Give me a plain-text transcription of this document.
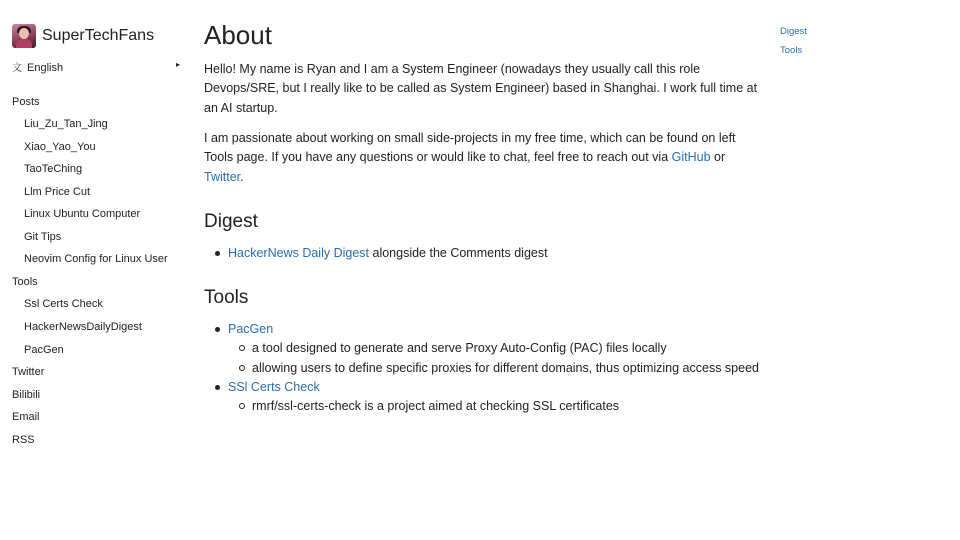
SuperTechFans
文 English	▸
Posts
Liu_Zu_Tan_Jing
Xiao_Yao_You
TaoTeChing
Llm Price Cut
Linux Ubuntu Computer
Git Tips
Neovim Config for Linux User
Tools
Ssl Certs Check
HackerNewsDailyDigest
PacGen
Twitter
Bilibili
Email
RSS
About

Hello! My name is Ryan and I am a System Engineer (nowadays they usually call this role Devops/SRE, but I really like to be called as System Engineer) based in Shanghai. I work full time at an AI startup.

I am passionate about working on small side-projects in my free time, which can be found on left Tools page. If you have any questions or would like to chat, feel free to reach out via GitHub or Twitter.

Digest
HackerNews Daily Digest alongside the Comments digest
Tools
PacGen
a tool designed to generate and serve Proxy Auto-Config (PAC) files locally
allowing users to define specific proxies for different domains, thus optimizing access speed
SSl Certs Check
rmrf/ssl-certs-check is a project aimed at checking SSL certificates
Digest
Tools
